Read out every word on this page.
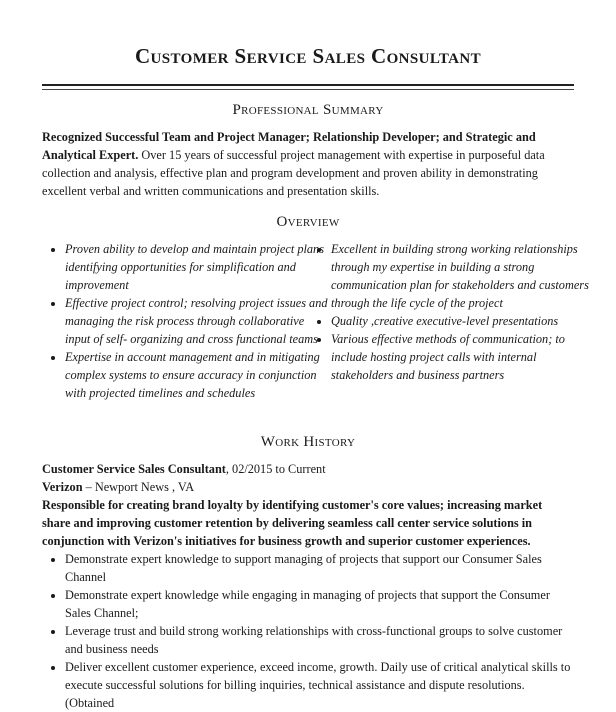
Customer Service Sales Consultant
Professional Summary

Recognized Successful Team and Project Manager; Relationship Developer; and Strategic and Analytical Expert. Over 15 years of successful project management with expertise in purposeful data collection and analysis, effective plan and program development and proven ability in demonstrating excellent verbal and written communications and presentation skills.

Overview
• Proven ability to develop and maintain project plans identifying opportunities for simplification and improvement
• Effective project control; resolving project issues and managing the risk process through collaborative input of self- organizing and cross functional teams
• Expertise in account management and in mitigating complex systems to ensure accuracy in conjunction with projected timelines and schedules
• Excellent in building strong working relationships through my expertise in building a strong communication plan for stakeholders and customers through the life cycle of the project
• Quality ,creative executive-level presentations
• Various effective methods of communication; to include hosting project calls with internal stakeholders and business partners
Work History
Customer Service Sales Consultant, 02/2015 to Current
Verizon – Newport News , VA

Responsible for creating brand loyalty by identifying customer's core values; increasing market share and improving customer retention by delivering seamless call center service solutions in conjunction with Verizon's initiatives for business growth and superior customer experiences.

• Demonstrate expert knowledge to support managing of projects that support our Consumer Sales Channel
• Demonstrate expert knowledge while engaging in managing of projects that support the Consumer Sales Channel;
• Leverage trust and build strong working relationships with cross-functional groups to solve customer and business needs
• Deliver excellent customer experience, exceed income, growth. Daily use of critical analytical skills to execute successful solutions for billing inquiries, technical assistance and dispute resolutions. (Obtained
